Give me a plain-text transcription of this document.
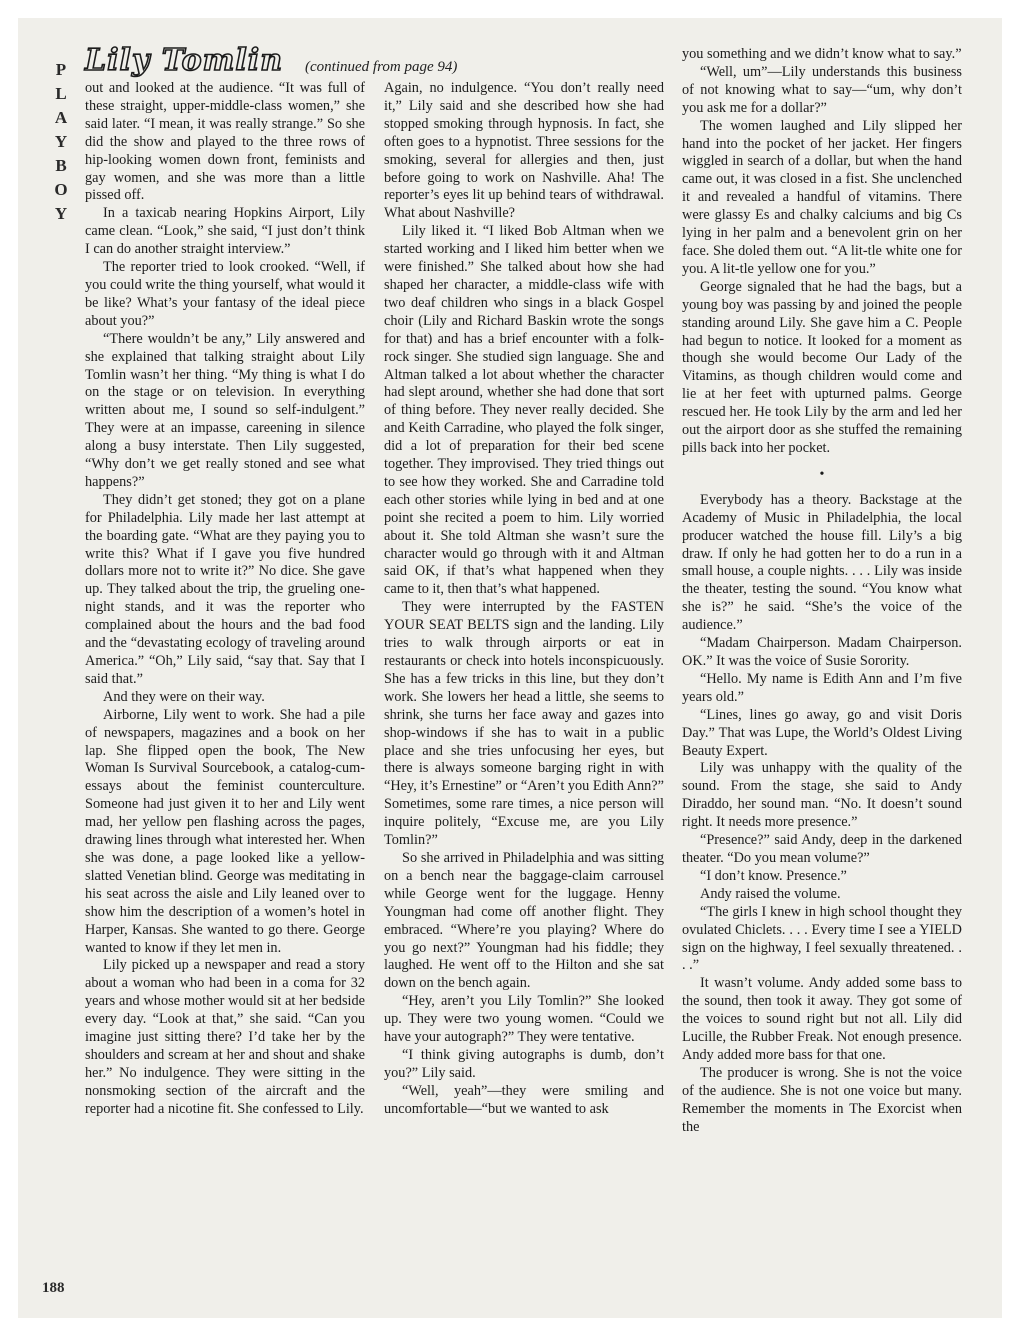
P
L
A
Y
B
O
Y
188
Lily Tomlin (continued from page 94)

out and looked at the audience. “It was full of these straight, upper-middle-class women,” she said later. “I mean, it was really strange.” So she did the show and played to the three rows of hip-looking women down front, feminists and gay women, and she was more than a little pissed off.

In a taxicab nearing Hopkins Airport, Lily came clean. “Look,” she said, “I just don’t think I can do another straight interview.”

The reporter tried to look crooked. “Well, if you could write the thing yourself, what would it be like? What’s your fantasy of the ideal piece about you?”

“There wouldn’t be any,” Lily answered and she explained that talking straight about Lily Tomlin wasn’t her thing. “My thing is what I do on the stage or on television. In everything written about me, I sound so self-indulgent.” They were at an impasse, careening in silence along a busy interstate. Then Lily suggested, “Why don’t we get really stoned and see what happens?”

They didn’t get stoned; they got on a plane for Philadelphia. Lily made her last attempt at the boarding gate. “What are they paying you to write this? What if I gave you five hundred dollars more not to write it?” No dice. She gave up. They talked about the trip, the grueling one-night stands, and it was the reporter who complained about the hours and the bad food and the “devastating ecology of traveling around America.” “Oh,” Lily said, “say that. Say that I said that.”

And they were on their way.

Airborne, Lily went to work. She had a pile of newspapers, magazines and a book on her lap. She flipped open the book, The New Woman Is Survival Sourcebook, a catalog-cum-essays about the feminist counterculture. Someone had just given it to her and Lily went mad, her yellow pen flashing across the pages, drawing lines through what interested her. When she was done, a page looked like a yellow-slatted Venetian blind. George was meditating in his seat across the aisle and Lily leaned over to show him the description of a women’s hotel in Harper, Kansas. She wanted to go there. George wanted to know if they let men in.

Lily picked up a newspaper and read a story about a woman who had been in a coma for 32 years and whose mother would sit at her bedside every day. “Look at that,” she said. “Can you imagine just sitting there? I’d take her by the shoulders and scream at her and shout and shake her.” No indulgence. They were sitting in the nonsmoking section of the aircraft and the reporter had a nicotine fit. She confessed to Lily.

Again, no indulgence. “You don’t really need it,” Lily said and she described how she had stopped smoking through hypnosis. In fact, she often goes to a hypnotist. Three sessions for the smoking, several for allergies and then, just before going to work on Nashville. Aha! The reporter’s eyes lit up behind tears of withdrawal. What about Nashville?

Lily liked it. “I liked Bob Altman when we started working and I liked him better when we were finished.” She talked about how she had shaped her character, a middle-class wife with two deaf children who sings in a black Gospel choir (Lily and Richard Baskin wrote the songs for that) and has a brief encounter with a folk-rock singer. She studied sign language. She and Altman talked a lot about whether the character had slept around, whether she had done that sort of thing before. They never really decided. She and Keith Carradine, who played the folk singer, did a lot of preparation for their bed scene together. They improvised. They tried things out to see how they worked. She and Carradine told each other stories while lying in bed and at one point she recited a poem to him. Lily worried about it. She told Altman she wasn’t sure the character would go through with it and Altman said OK, if that’s what happened when they came to it, then that’s what happened.

They were interrupted by the FASTEN YOUR SEAT BELTS sign and the landing. Lily tries to walk through airports or eat in restaurants or check into hotels inconspicuously. She has a few tricks in this line, but they don’t work. She lowers her head a little, she seems to shrink, she turns her face away and gazes into shop-windows if she has to wait in a public place and she tries unfocusing her eyes, but there is always someone barging right in with “Hey, it’s Ernestine” or “Aren’t you Edith Ann?” Sometimes, some rare times, a nice person will inquire politely, “Excuse me, are you Lily Tomlin?”

So she arrived in Philadelphia and was sitting on a bench near the baggage-claim carrousel while George went for the luggage. Henny Youngman had come off another flight. They embraced. “Where’re you playing? Where do you go next?” Youngman had his fiddle; they laughed. He went off to the Hilton and she sat down on the bench again.

“Hey, aren’t you Lily Tomlin?” She looked up. They were two young women. “Could we have your autograph?” They were tentative.

“I think giving autographs is dumb, don’t you?” Lily said.

“Well, yeah”—they were smiling and uncomfortable—“but we wanted to ask

you something and we didn’t know what to say.”

“Well, um”—Lily understands this business of not knowing what to say—“um, why don’t you ask me for a dollar?”

The women laughed and Lily slipped her hand into the pocket of her jacket. Her fingers wiggled in search of a dollar, but when the hand came out, it was closed in a fist. She unclenched it and revealed a handful of vitamins. There were glassy Es and chalky calciums and big Cs lying in her palm and a benevolent grin on her face. She doled them out. “A lit-tle white one for you. A lit-tle yellow one for you.”

George signaled that he had the bags, but a young boy was passing by and joined the people standing around Lily. She gave him a C. People had begun to notice. It looked for a moment as though she would become Our Lady of the Vitamins, as though children would come and lie at her feet with upturned palms. George rescued her. He took Lily by the arm and led her out the airport door as she stuffed the remaining pills back into her pocket.

•

Everybody has a theory. Backstage at the Academy of Music in Philadelphia, the local producer watched the house fill. Lily’s a big draw. If only he had gotten her to do a run in a small house, a couple nights. . . . Lily was inside the theater, testing the sound. “You know what she is?” he said. “She’s the voice of the audience.”

“Madam Chairperson. Madam Chairperson. OK.” It was the voice of Susie Sorority.

“Hello. My name is Edith Ann and I’m five years old.”

“Lines, lines go away, go and visit Doris Day.” That was Lupe, the World’s Oldest Living Beauty Expert.

Lily was unhappy with the quality of the sound. From the stage, she said to Andy Diraddo, her sound man. “No. It doesn’t sound right. It needs more presence.”

“Presence?” said Andy, deep in the darkened theater. “Do you mean volume?”

“I don’t know. Presence.”

Andy raised the volume.

“The girls I knew in high school thought they ovulated Chiclets. . . . Every time I see a YIELD sign on the highway, I feel sexually threatened. . . .”

It wasn’t volume. Andy added some bass to the sound, then took it away. They got some of the voices to sound right but not all. Lily did Lucille, the Rubber Freak. Not enough presence. Andy added more bass for that one.

The producer is wrong. She is not the voice of the audience. She is not one voice but many. Remember the moments in The Exorcist when the
